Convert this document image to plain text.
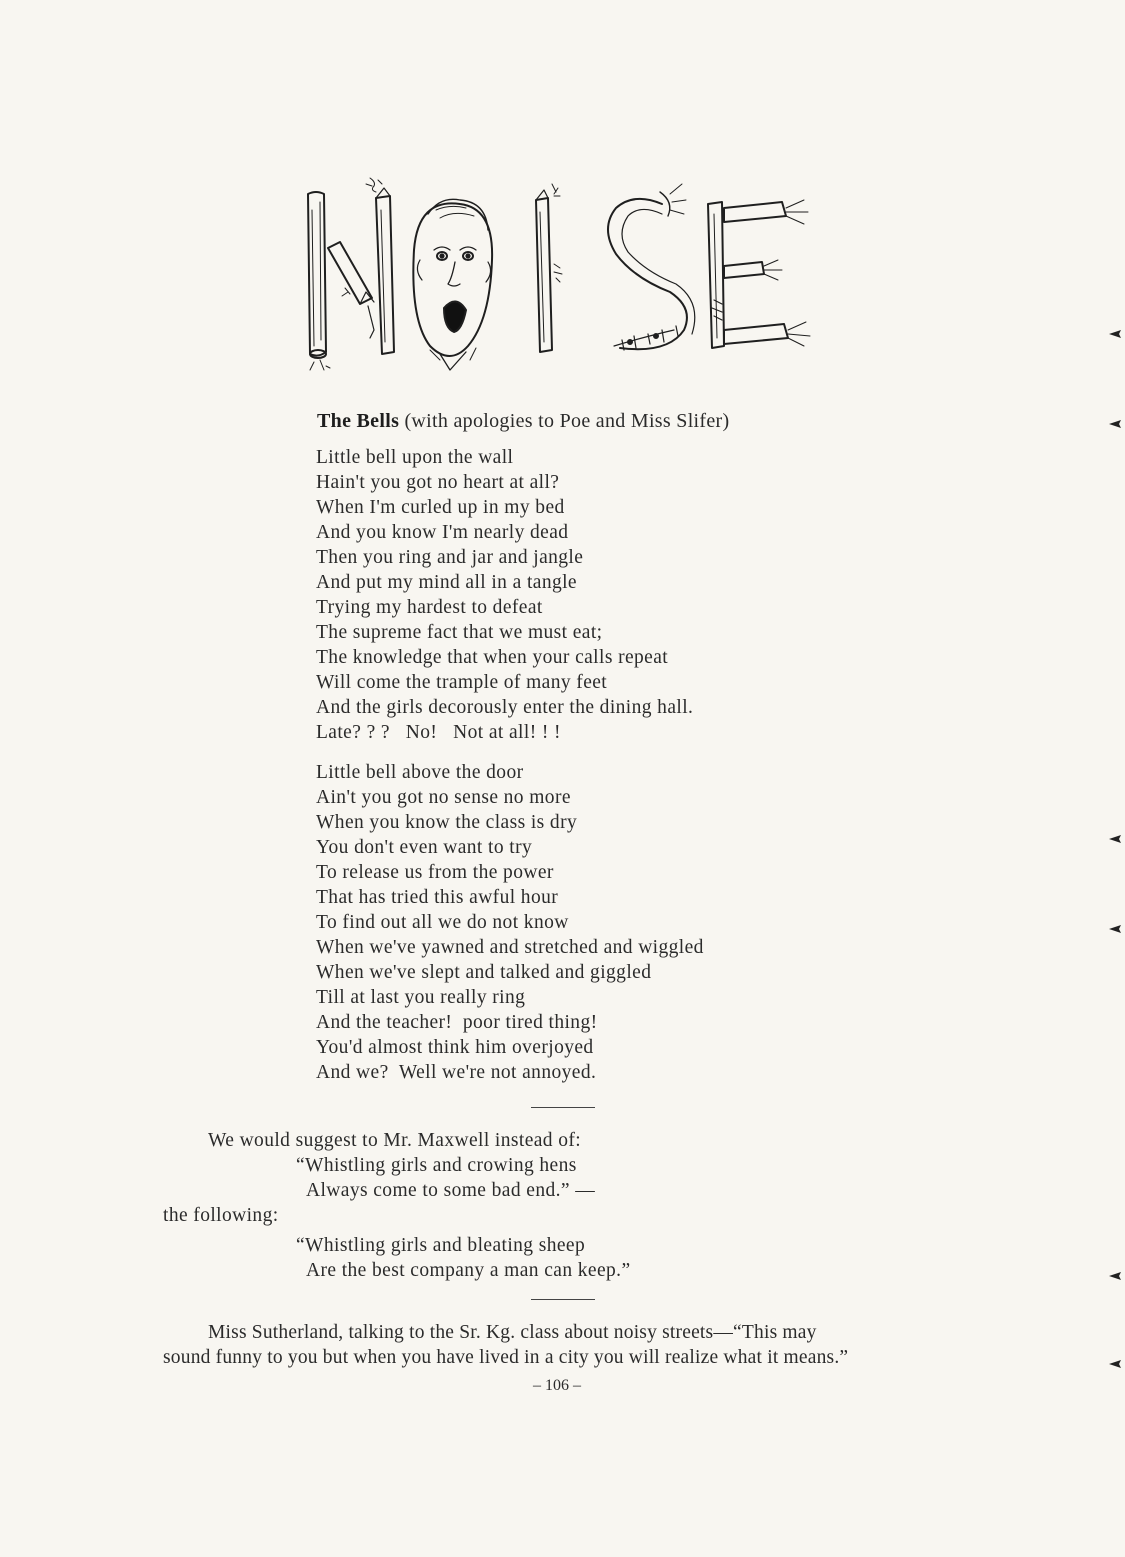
The Bells (with apologies to Poe and Miss Slifer)
Little bell upon the wall
Hain't you got no heart at all?
When I'm curled up in my bed
And you know I'm nearly dead
Then you ring and jar and jangle
And put my mind all in a tangle
Trying my hardest to defeat
The supreme fact that we must eat;
The knowledge that when your calls repeat
Will come the trample of many feet
And the girls decorously enter the dining hall.
Late? ? ?   No!   Not at all! ! !
Little bell above the door
Ain't you got no sense no more
When you know the class is dry
You don't even want to try
To release us from the power
That has tried this awful hour
To find out all we do not know
When we've yawned and stretched and wiggled
When we've slept and talked and giggled
Till at last you really ring
And the teacher!  poor tired thing!
You'd almost think him overjoyed
And we?  Well we're not annoyed.
We would suggest to Mr. Maxwell instead of:
“Whistling girls and crowing hens
Always come to some bad end.” —
the following:
“Whistling girls and bleating sheep
Are the best company a man can keep.”
Miss Sutherland, talking to the Sr. Kg. class about noisy streets—“This may
sound funny to you but when you have lived in a city you will realize what it means.”
– 106 –
